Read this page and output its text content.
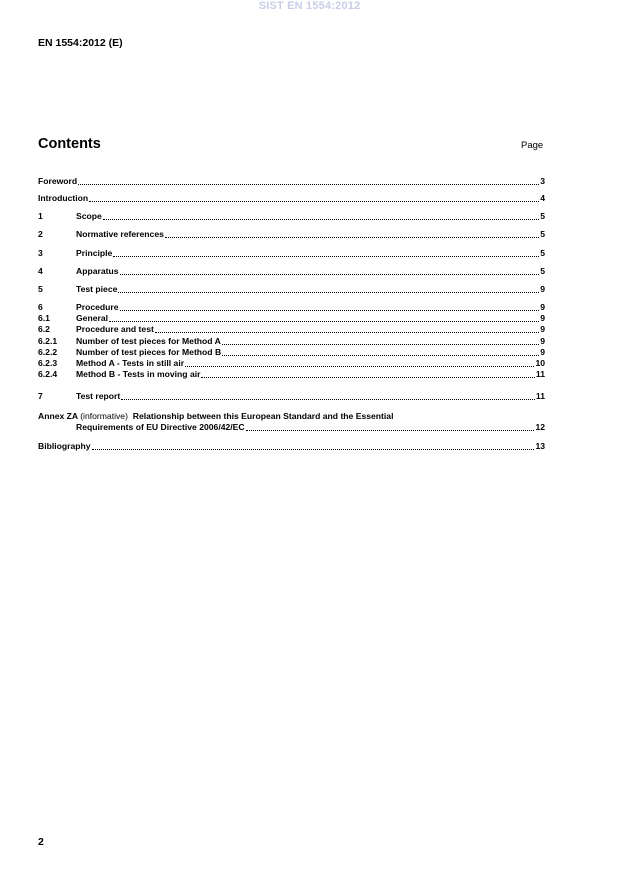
SIST EN 1554:2012
EN 1554:2012 (E)
Contents	Page
Foreword	3
Introduction	4
1	Scope	5
2	Normative references	5
3	Principle	5
4	Apparatus	5
5	Test piece	9
6	Procedure	9
6.1	General	9
6.2	Procedure and test	9
6.2.1	Number of test pieces for Method A	9
6.2.2	Number of test pieces for Method B	9
6.2.3	Method A - Tests in still air	10
6.2.4	Method B - Tests in moving air	11
7	Test report	11
Annex ZA (informative) Relationship between this European Standard and the Essential
Requirements of EU Directive 2006/42/EC	12
Bibliography	13
2
